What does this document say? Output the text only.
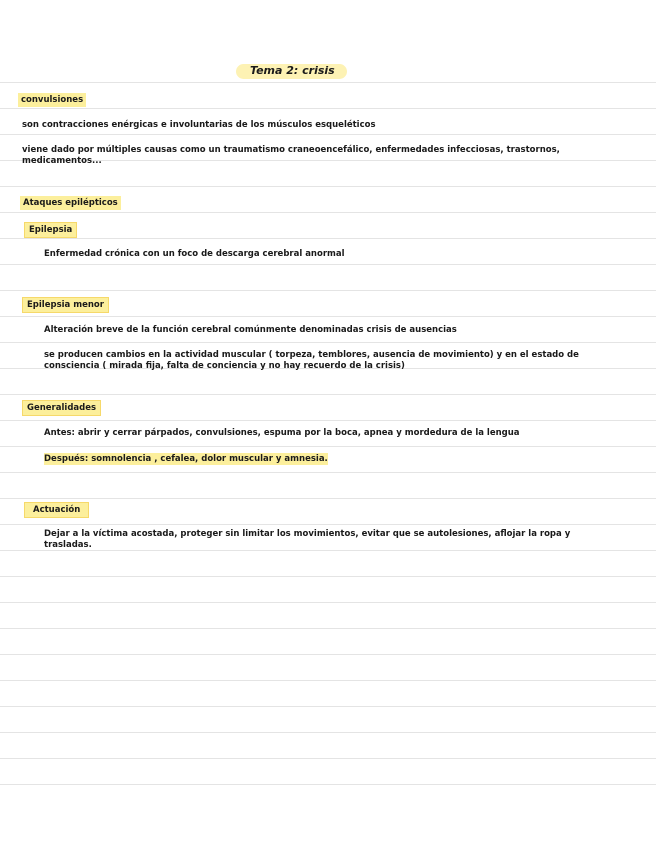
Tema 2: crisis
convulsiones

son contracciones enérgicas e involuntarias de los músculos esqueléticos

viene dado por múltiples causas como un traumatismo craneoencefálico, enfermedades infecciosas, trastornos, medicamentos...

Ataques epilépticos
Epilepsia

Enfermedad crónica con un foco de descarga cerebral anormal

Epilepsia menor

Alteración breve de la función cerebral comúnmente denominadas crisis de ausencias

se producen cambios en la actividad muscular ( torpeza, temblores, ausencia de movimiento) y en el estado de consciencia ( mirada fija, falta de conciencia y no hay recuerdo de la crisis)

Generalidades

Antes: abrir y cerrar párpados, convulsiones, espuma por la boca, apnea y mordedura de la lengua

Después: somnolencia , cefalea, dolor muscular y amnesia.

Actuación

Dejar a la víctima acostada, proteger sin limitar los movimientos, evitar que se autolesiones, aflojar la ropa y trasladas.
